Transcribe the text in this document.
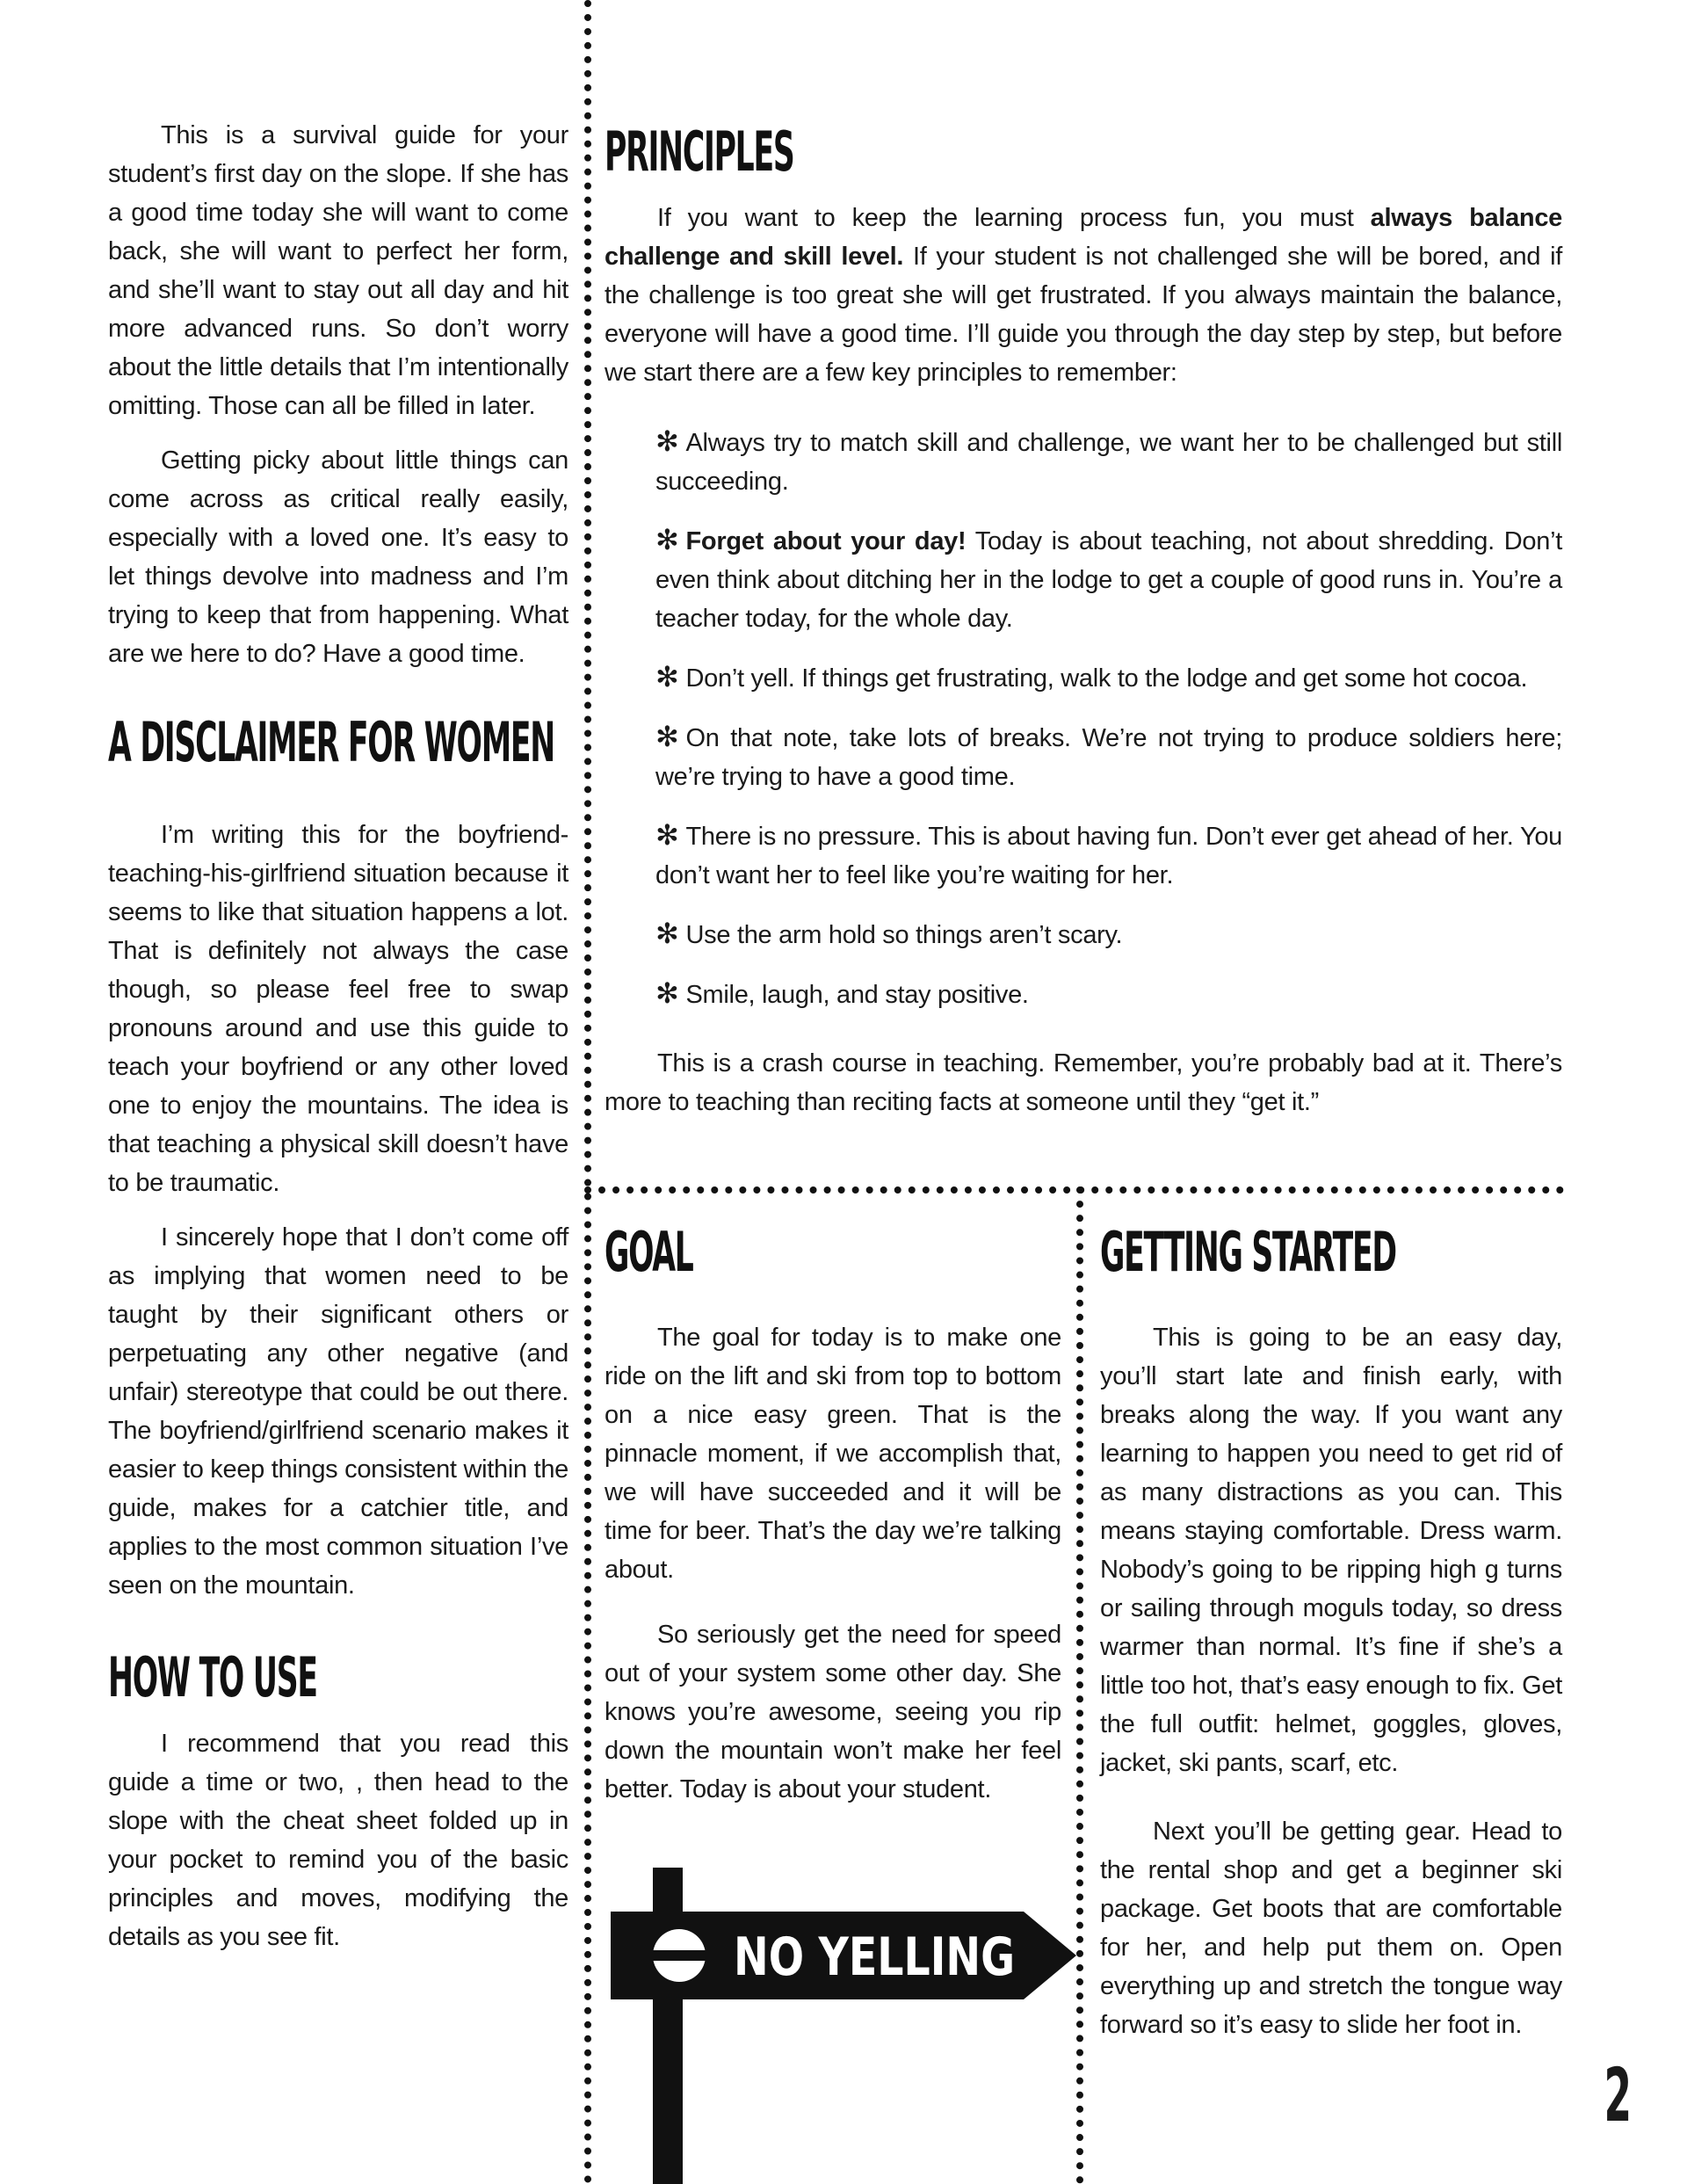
This is a survival guide for your student’s first day on the slope. If she has a good time today she will want to come back, she will want to perfect her form, and she’ll want to stay out all day and hit more advanced runs. So don’t worry about the little details that I’m intentionally omitting. Those can all be filled in later.

Getting picky about little things can come across as critical really easily, especially with a loved one. It’s easy to let things devolve into madness and I’m trying to keep that from happening. What are we here to do? Have a good time.

A DISCLAIMER FOR WOMEN

I’m writing this for the boyfriend-teaching-his-girlfriend situation because it seems to like that situation happens a lot. That is definitely not always the case though, so please feel free to swap pronouns around and use this guide to teach your boyfriend or any other loved one to enjoy the mountains. The idea is that teaching a physical skill doesn’t have to be traumatic.

I sincerely hope that I don’t come off as implying that women need to be taught by their significant others or perpetuating any other negative (and unfair) stereotype that could be out there. The boyfriend/girlfriend scenario makes it easier to keep things consistent within the guide, makes for a catchier title, and applies to the most common situation I’ve seen on the mountain.

HOW TO USE

I recommend that you read this guide a time or two, , then head to the slope with the cheat sheet folded up in your pocket to remind you of the basic principles and moves, modifying the details as you see fit.

PRINCIPLES

If you want to keep the learning process fun, you must always balance challenge and skill level. If your student is not challenged she will be bored, and if the challenge is too great she will get frustrated. If you always maintain the balance, everyone will have a good time. I’ll guide you through the day step by step, but before we start there are a few key principles to remember:

✻ Always try to match skill and challenge, we want her to be challenged but still succeeding.
✻ Forget about your day! Today is about teaching, not about shredding. Don’t even think about ditching her in the lodge to get a couple of good runs in. You’re a teacher today, for the whole day.
✻ Don’t yell. If things get frustrating, walk to the lodge and get some hot cocoa.
✻ On that note, take lots of breaks. We’re not trying to produce soldiers here; we’re trying to have a good time.
✻ There is no pressure. This is about having fun. Don’t ever get ahead of her. You don’t want her to feel like you’re waiting for her.
✻ Use the arm hold so things aren’t scary.
✻ Smile, laugh, and stay positive.

This is a crash course in teaching. Remember, you’re probably bad at it. There’s more to teaching than reciting facts at someone until they “get it.”

GOAL

The goal for today is to make one ride on the lift and ski from top to bottom on a nice easy green. That is the pinnacle moment, if we accomplish that, we will have succeeded and it will be time for beer. That’s the day we’re talking about.

So seriously get the need for speed out of your system some other day. She knows you’re awesome, seeing you rip down the mountain won’t make her feel better. Today is about your student.

NO YELLING
GETTING STARTED

This is going to be an easy day, you’ll start late and finish early, with breaks along the way. If you want any learning to happen you need to get rid of as many distractions as you can. This means staying comfortable. Dress warm. Nobody’s going to be ripping high g turns or sailing through moguls today, so dress warmer than normal. It’s fine if she’s a little too hot, that’s easy enough to fix. Get the full outfit: helmet, goggles, gloves, jacket, ski pants, scarf, etc.

Next you’ll be getting gear. Head to the rental shop and get a beginner ski package. Get boots that are comfortable for her, and help put them on. Open everything up and stretch the tongue way forward so it’s easy to slide her foot in.

2
